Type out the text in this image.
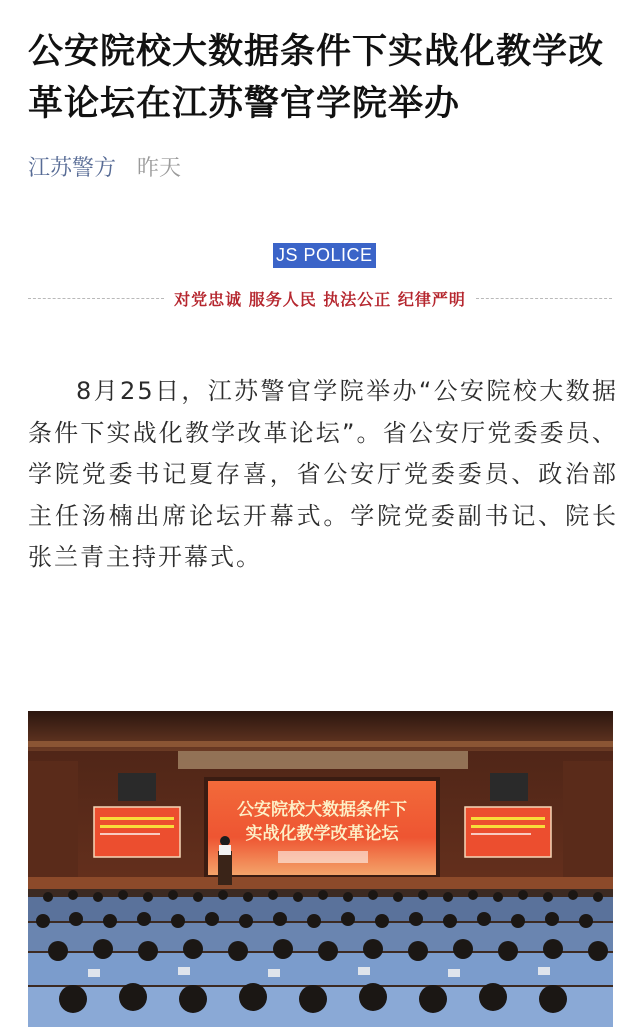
公安院校大数据条件下实战化教学改革论坛在江苏警官学院举办
江苏警方 昨天
JS POLICE
对党忠诚 服务人民 执法公正 纪律严明

8月25日，江苏警官学院举办“公安院校大数据条件下实战化教学改革论坛”。省公安厅党委委员、学院党委书记夏存喜，省公安厅党委委员、政治部主任汤楠出席论坛开幕式。学院党委副书记、院长张兰青主持开幕式。

公安院校大数据条件下
实战化教学改革论坛
